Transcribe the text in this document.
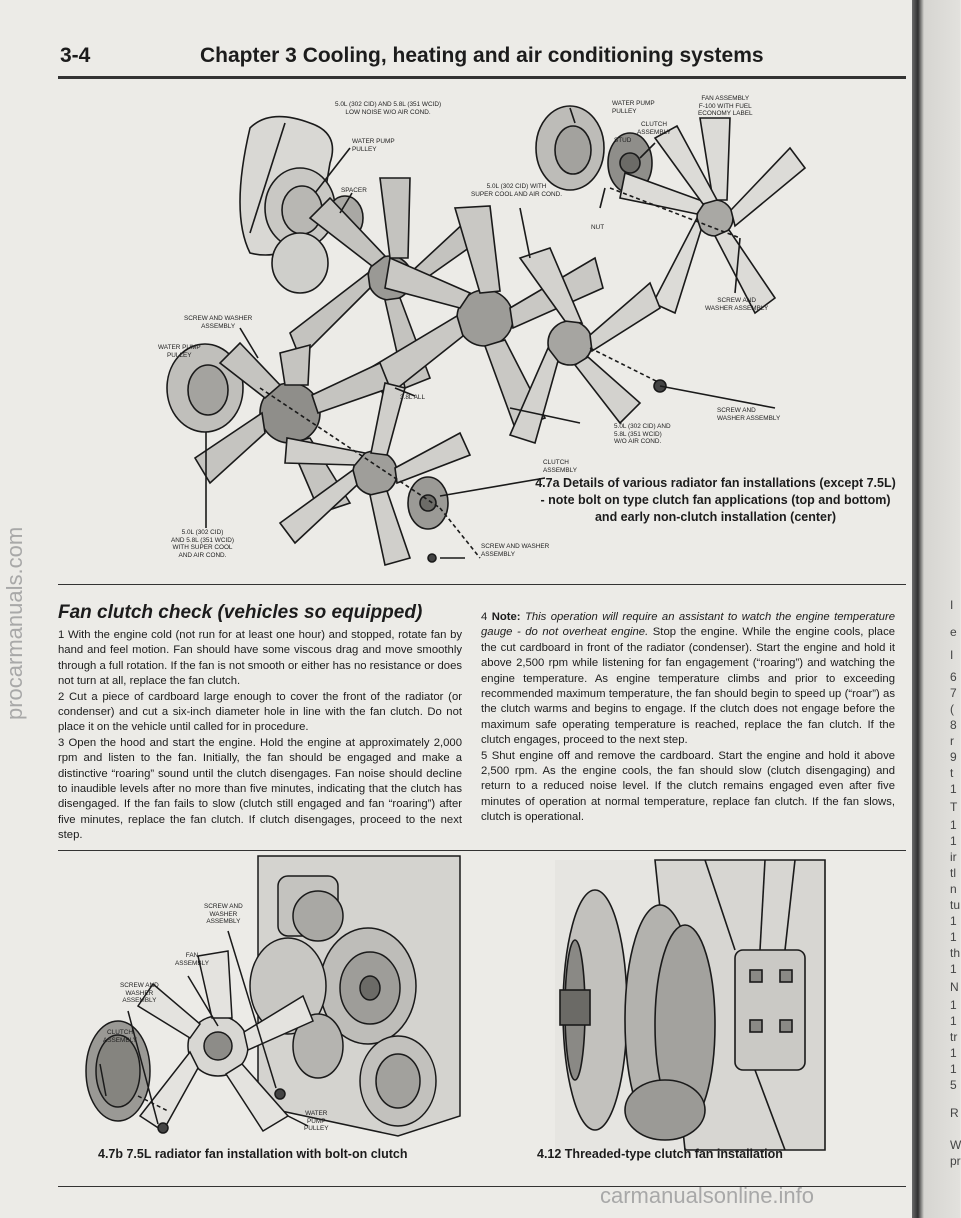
I
e
I
6
7
(
8
r
9
t
1
T
1
1
ir
tl
n
tu
1
1
th
1
N
1
1
tr
1
1
5
R
W
pr
3-4	Chapter 3 Cooling, heating and air conditioning systems
5.0L (302 CID) AND 5.8L (351 WCID)
LOW NOISE W/O AIR COND.
WATER PUMP
PULLEY
SPACER
5.0L (302 CID) WITH
SUPER COOL AND AIR COND.
WATER PUMP
PULLEY
FAN ASSEMBLY
F-100 WITH FUEL
ECONOMY LABEL
CLUTCH
ASSEMBLY
STUD
NUT
SCREW AND
WASHER ASSEMBLY
SCREW AND WASHER
ASSEMBLY
WATER PUMP
PULLEY
3.8L ALL
SCREW AND
WASHER ASSEMBLY
5.0L (302 CID) AND
5.8L (351 WCID)
W/O AIR COND.
CLUTCH
ASSEMBLY
5.0L (302 CID)
AND 5.8L (351 WCID)
WITH SUPER COOL
AND AIR COND.
SCREW AND WASHER
ASSEMBLY
4.7a Details of various radiator fan installations (except 7.5L) - note bolt on type clutch fan applications (top and bottom) and early non-clutch installation (center)
Fan clutch check (vehicles so equipped)

1 With the engine cold (not run for at least one hour) and stopped, rotate fan by hand and feel motion. Fan should have some viscous drag and move smoothly through a full rotation. If the fan is not smooth or either has no resistance or does not turn at all, replace the fan clutch.

2 Cut a piece of cardboard large enough to cover the front of the radiator (or condenser) and cut a six-inch diameter hole in line with the fan clutch. Do not place it on the vehicle until called for in procedure.

3 Open the hood and start the engine. Hold the engine at approximately 2,000 rpm and listen to the fan. Initially, the fan should be engaged and make a distinctive “roaring” sound until the clutch disengages. Fan noise should decline to inaudible levels after no more than five minutes, indicating that the clutch has disengaged. If the fan fails to slow (clutch still engaged and fan “roaring”) after five minutes, replace the fan clutch. If clutch disengages, proceed to the next step.

4 Note: This operation will require an assistant to watch the engine temperature gauge - do not overheat engine. Stop the engine. While the engine cools, place the cut cardboard in front of the radiator (condenser). Start the engine and hold it above 2,500 rpm while listening for fan engagement (“roaring”) and watching the engine temperature. As engine temperature climbs and prior to exceeding recommended maximum temperature, the fan should begin to speed up (“roar”) as the clutch warms and begins to engage. If the clutch does not engage before the maximum safe operating temperature is reached, replace the fan clutch. If the clutch engages, proceed to the next step.

5 Shut engine off and remove the cardboard. Start the engine and hold it above 2,500 rpm. As the engine cools, the fan should slow (clutch disengaging) and return to a reduced noise level. If the clutch remains engaged even after five minutes of operation at normal temperature, replace fan clutch. If the fan slows, clutch is operational.

SCREW AND
WASHER
ASSEMBLY
FAN
ASSEMBLY
SCREW AND
WASHER
ASSEMBLY
CLUTCH
ASSEMBLY
WATER
PUMP
PULLEY
4.7b 7.5L radiator fan installation with bolt-on clutch	4.12 Threaded-type clutch fan installation
procarmanuals.com
carmanualsonline.info
